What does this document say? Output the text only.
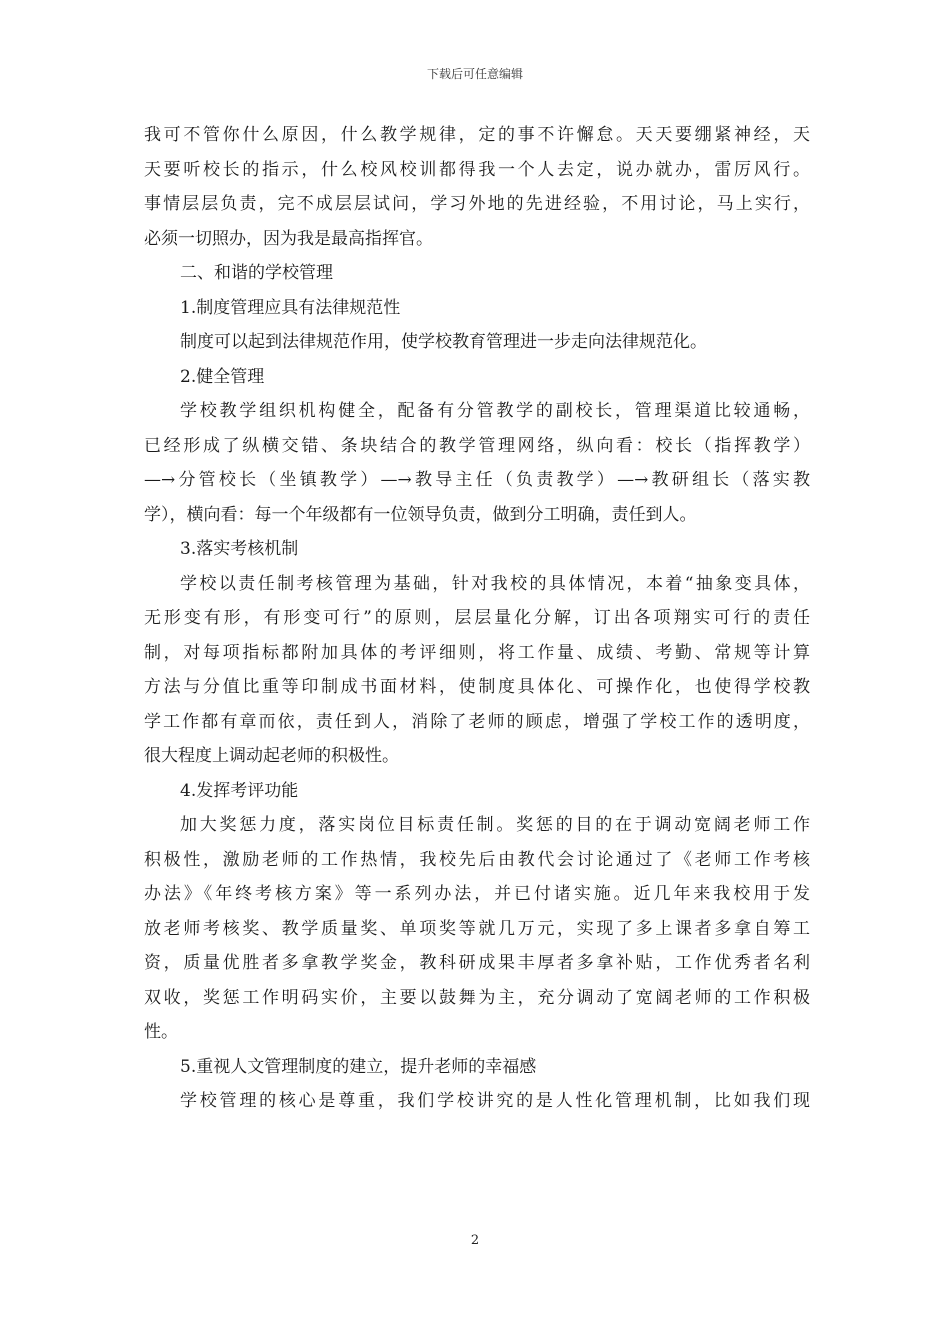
下载后可任意编辑
我可不管你什么原因，什么教学规律，定的事不许懈怠。天天要绷紧神经，天
天要听校长的指示，什么校风校训都得我一个人去定，说办就办，雷厉风行。
事情层层负责，完不成层层试问，学习外地的先进经验，不用讨论，马上实行，
必须一切照办，因为我是最高指挥官。
二、和谐的学校管理
1.制度管理应具有法律规范性
制度可以起到法律规范作用，使学校教育管理进一步走向法律规范化。
2.健全管理
学校教学组织机构健全，配备有分管教学的副校长，管理渠道比较通畅，
已经形成了纵横交错、条块结合的教学管理网络，纵向看：校长（指挥教学）
—→分管校长（坐镇教学）—→教导主任（负责教学）—→教研组长（落实教
学），横向看：每一个年级都有一位领导负责，做到分工明确，责任到人。
3.落实考核机制
学校以责任制考核管理为基础，针对我校的具体情况，本着“抽象变具体，
无形变有形，有形变可行”的原则，层层量化分解，订出各项翔实可行的责任
制，对每项指标都附加具体的考评细则，将工作量、成绩、考勤、常规等计算
方法与分值比重等印制成书面材料，使制度具体化、可操作化，也使得学校教
学工作都有章而依，责任到人，消除了老师的顾虑，增强了学校工作的透明度，
很大程度上调动起老师的积极性。
4.发挥考评功能
加大奖惩力度，落实岗位目标责任制。奖惩的目的在于调动宽阔老师工作
积极性，激励老师的工作热情，我校先后由教代会讨论通过了《老师工作考核
办法》《年终考核方案》等一系列办法，并已付诸实施。近几年来我校用于发
放老师考核奖、教学质量奖、单项奖等就几万元，实现了多上课者多拿自筹工
资，质量优胜者多拿教学奖金，教科研成果丰厚者多拿补贴，工作优秀者名利
双收，奖惩工作明码实价，主要以鼓舞为主，充分调动了宽阔老师的工作积极
性。
5.重视人文管理制度的建立，提升老师的幸福感
学校管理的核心是尊重，我们学校讲究的是人性化管理机制，比如我们现
2
